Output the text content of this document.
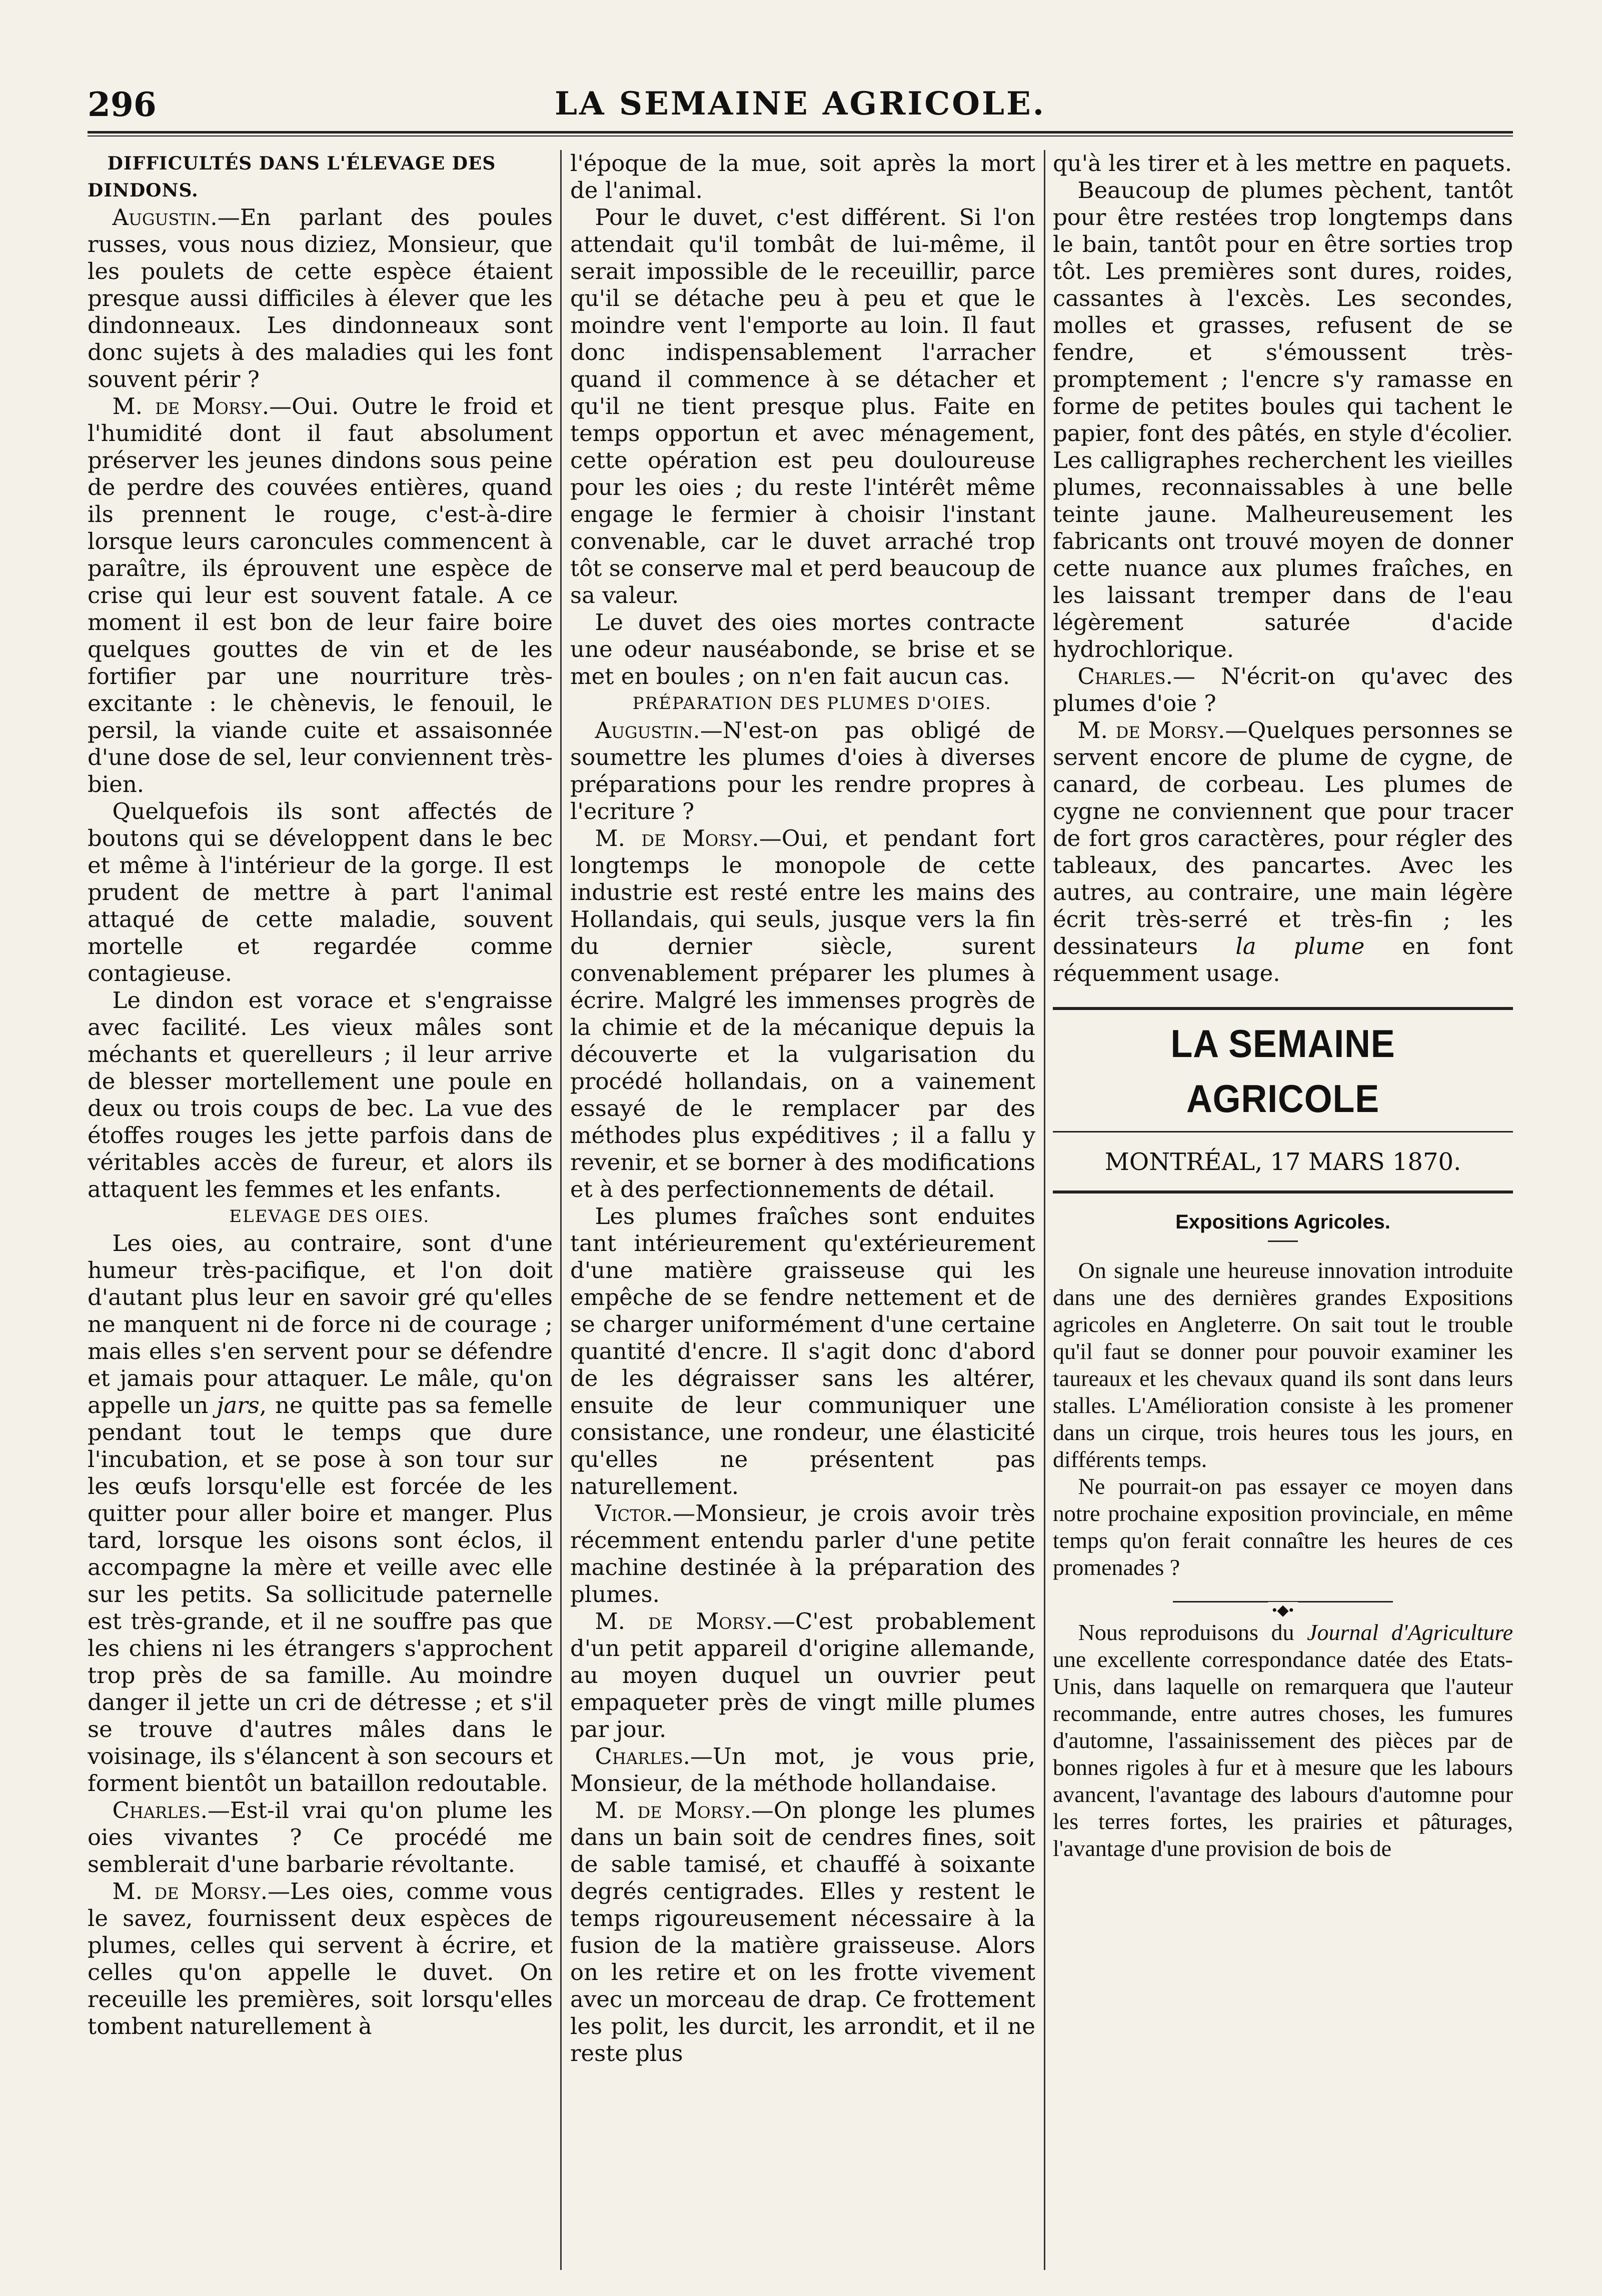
296	LA SEMAINE AGRICOLE.

DIFFICULTÉS DANS L'ÉLEVAGE DES DINDONS.

Augustin.—En parlant des poules russes, vous nous diziez, Monsieur, que les poulets de cette espèce étaient presque aussi difficiles à élever que les dindonneaux. Les dindonneaux sont donc sujets à des maladies qui les font souvent périr ?

M. de Morsy.—Oui. Outre le froid et l'humidité dont il faut absolument préserver les jeunes dindons sous peine de perdre des couvées entières, quand ils prennent le rouge, c'est-à-dire lorsque leurs caroncules commencent à paraître, ils éprouvent une espèce de crise qui leur est souvent fatale. A ce moment il est bon de leur faire boire quelques gouttes de vin et de les fortifier par une nourriture très-excitante : le chènevis, le fenouil, le persil, la viande cuite et assaisonnée d'une dose de sel, leur conviennent très-bien.

Quelquefois ils sont affectés de boutons qui se développent dans le bec et même à l'intérieur de la gorge. Il est prudent de mettre à part l'animal attaqué de cette maladie, souvent mortelle et regardée comme contagieuse.

Le dindon est vorace et s'engraisse avec facilité. Les vieux mâles sont méchants et querelleurs ; il leur arrive de blesser mortellement une poule en deux ou trois coups de bec. La vue des étoffes rouges les jette parfois dans de véritables accès de fureur, et alors ils attaquent les femmes et les enfants.

ELEVAGE DES OIES.

Les oies, au contraire, sont d'une humeur très-pacifique, et l'on doit d'autant plus leur en savoir gré qu'elles ne manquent ni de force ni de courage ; mais elles s'en servent pour se défendre et jamais pour attaquer. Le mâle, qu'on appelle un jars, ne quitte pas sa femelle pendant tout le temps que dure l'incubation, et se pose à son tour sur les œufs lorsqu'elle est forcée de les quitter pour aller boire et manger. Plus tard, lorsque les oisons sont éclos, il accompagne la mère et veille avec elle sur les petits. Sa sollicitude paternelle est très-grande, et il ne souffre pas que les chiens ni les étrangers s'approchent trop près de sa famille. Au moindre danger il jette un cri de détresse ; et s'il se trouve d'autres mâles dans le voisinage, ils s'élancent à son secours et forment bientôt un bataillon redoutable.

Charles.—Est-il vrai qu'on plume les oies vivantes ? Ce procédé me semblerait d'une barbarie révoltante.

M. de Morsy.—Les oies, comme vous le savez, fournissent deux espèces de plumes, celles qui servent à écrire, et celles qu'on appelle le duvet. On receuille les premières, soit lorsqu'elles tombent naturellement à

l'époque de la mue, soit après la mort de l'animal.

Pour le duvet, c'est différent. Si l'on attendait qu'il tombât de lui-même, il serait impossible de le receuillir, parce qu'il se détache peu à peu et que le moindre vent l'emporte au loin. Il faut donc indispensablement l'arracher quand il commence à se détacher et qu'il ne tient presque plus. Faite en temps opportun et avec ménagement, cette opération est peu douloureuse pour les oies ; du reste l'intérêt même engage le fermier à choisir l'instant convenable, car le duvet arraché trop tôt se conserve mal et perd beaucoup de sa valeur.

Le duvet des oies mortes contracte une odeur nauséabonde, se brise et se met en boules ; on n'en fait aucun cas.

PRÉPARATION DES PLUMES D'OIES.

Augustin.—N'est-on pas obligé de soumettre les plumes d'oies à diverses préparations pour les rendre propres à l'ecriture ?

M. de Morsy.—Oui, et pendant fort longtemps le monopole de cette industrie est resté entre les mains des Hollandais, qui seuls, jusque vers la fin du dernier siècle, surent convenablement préparer les plumes à écrire. Malgré les immenses progrès de la chimie et de la mécanique depuis la découverte et la vulgarisation du procédé hollandais, on a vainement essayé de le remplacer par des méthodes plus expéditives ; il a fallu y revenir, et se borner à des modifications et à des perfectionnements de détail.

Les plumes fraîches sont enduites tant intérieurement qu'extérieurement d'une matière graisseuse qui les empêche de se fendre nettement et de se charger uniformément d'une certaine quantité d'encre. Il s'agit donc d'abord de les dégraisser sans les altérer, ensuite de leur communiquer une consistance, une rondeur, une élasticité qu'elles ne présentent pas naturellement.

Victor.—Monsieur, je crois avoir très récemment entendu parler d'une petite machine destinée à la préparation des plumes.

M. de Morsy.—C'est probablement d'un petit appareil d'origine allemande, au moyen duquel un ouvrier peut empaqueter près de vingt mille plumes par jour.

Charles.—Un mot, je vous prie, Monsieur, de la méthode hollandaise.

M. de Morsy.—On plonge les plumes dans un bain soit de cendres fines, soit de sable tamisé, et chauffé à soixante degrés centigrades. Elles y restent le temps rigoureusement nécessaire à la fusion de la matière graisseuse. Alors on les retire et on les frotte vivement avec un morceau de drap. Ce frottement les polit, les durcit, les arrondit, et il ne reste plus

qu'à les tirer et à les mettre en paquets.

Beaucoup de plumes pèchent, tantôt pour être restées trop longtemps dans le bain, tantôt pour en être sorties trop tôt. Les premières sont dures, roides, cassantes à l'excès. Les secondes, molles et grasses, refusent de se fendre, et s'émoussent très-promptement ; l'encre s'y ramasse en forme de petites boules qui tachent le papier, font des pâtés, en style d'écolier. Les calligraphes recherchent les vieilles plumes, reconnaissables à une belle teinte jaune. Malheureusement les fabricants ont trouvé moyen de donner cette nuance aux plumes fraîches, en les laissant tremper dans de l'eau légèrement saturée d'acide hydrochlorique.

Charles.— N'écrit-on qu'avec des plumes d'oie ?

M. de Morsy.—Quelques personnes se servent encore de plume de cygne, de canard, de corbeau. Les plumes de cygne ne conviennent que pour tracer de fort gros caractères, pour régler des tableaux, des pancartes. Avec les autres, au contraire, une main légère écrit très-serré et très-fin ; les dessinateurs la plume en font réquemment usage.

LA SEMAINE AGRICOLE
MONTRÉAL, 17 MARS 1870.
Expositions Agricoles.

On signale une heureuse innovation introduite dans une des dernières grandes Expositions agricoles en Angleterre. On sait tout le trouble qu'il faut se donner pour pouvoir examiner les taureaux et les chevaux quand ils sont dans leurs stalles. L'Amélioration consiste à les promener dans un cirque, trois heures tous les jours, en différents temps.

Ne pourrait-on pas essayer ce moyen dans notre prochaine exposition provinciale, en même temps qu'on ferait connaître les heures de ces promenades ?

•◆•

Nous reproduisons du Journal d'Agriculture une excellente correspondance datée des Etats-Unis, dans laquelle on remarquera que l'auteur recommande, entre autres choses, les fumures d'automne, l'assainissement des pièces par de bonnes rigoles à fur et à mesure que les labours avancent, l'avantage des labours d'automne pour les terres fortes, les prairies et pâturages, l'avantage d'une provision de bois de
